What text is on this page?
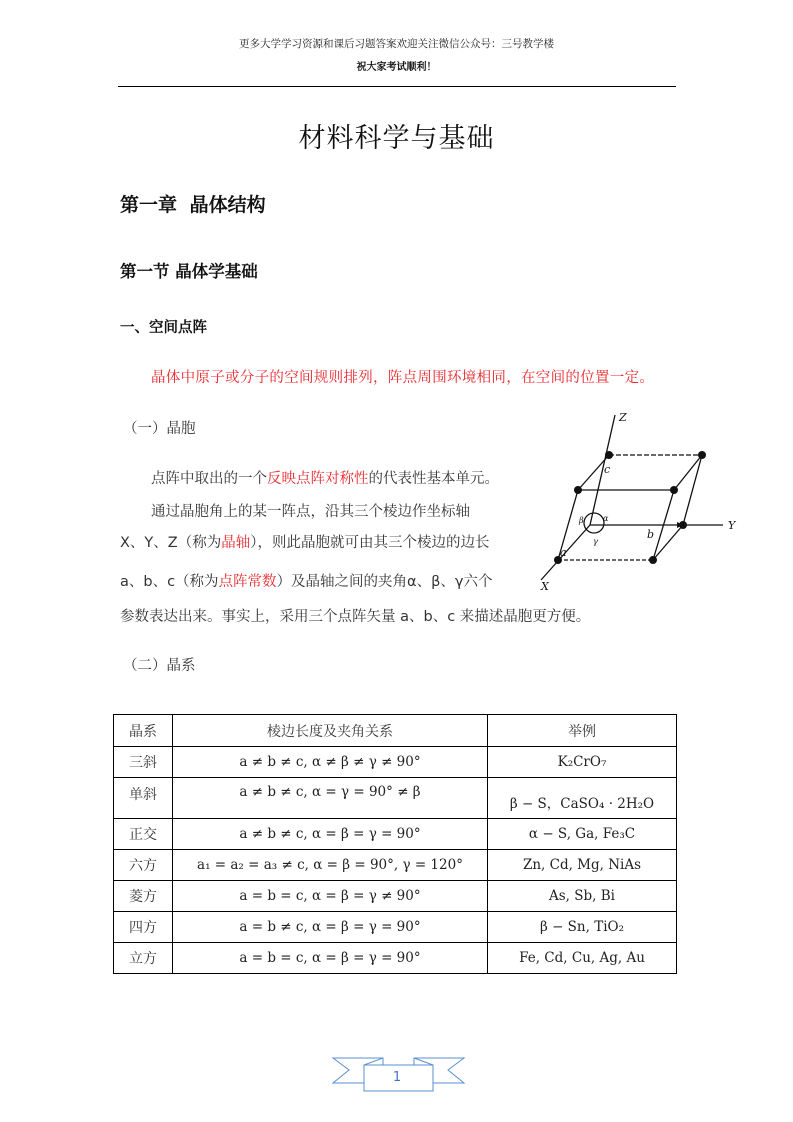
更多大学学习资源和课后习题答案欢迎关注微信公众号：三号教学楼
祝大家考试顺利！
材料科学与基础
第一章 晶体结构
第一节 晶体学基础
一、空间点阵
晶体中原子或分子的空间规则排列，阵点周围环境相同，在空间的位置一定。
（一）晶胞
点阵中取出的一个反映点阵对称性的代表性基本单元。
通过晶胞角上的某一阵点，沿其三个棱边作坐标轴
X、Y、Z（称为晶轴），则此晶胞就可由其三个棱边的边长
a、b、c（称为点阵常数）及晶轴之间的夹角α、β、γ六个
参数表达出来。事实上，采用三个点阵矢量 a、b、c 来描述晶胞更方便。
Z
Y
X
c
b
a
α
β
γ
（二）晶系
晶系	棱边长度及夹角关系	举例
三斜	a ≠ b ≠ c, α ≠ β ≠ γ ≠ 90°	K₂CrO₇
单斜	a ≠ b ≠ c, α = γ = 90° ≠ β	β − S，CaSO₄ · 2H₂O
正交	a ≠ b ≠ c, α = β = γ = 90°	α − S, Ga, Fe₃C
六方	a₁ = a₂ = a₃ ≠ c, α = β = 90°, γ = 120°	Zn, Cd, Mg, NiAs
菱方	a = b = c, α = β = γ ≠ 90°	As, Sb, Bi
四方	a = b ≠ c, α = β = γ = 90°	β − Sn, TiO₂
立方	a = b = c, α = β = γ = 90°	Fe, Cd, Cu, Ag, Au
1
